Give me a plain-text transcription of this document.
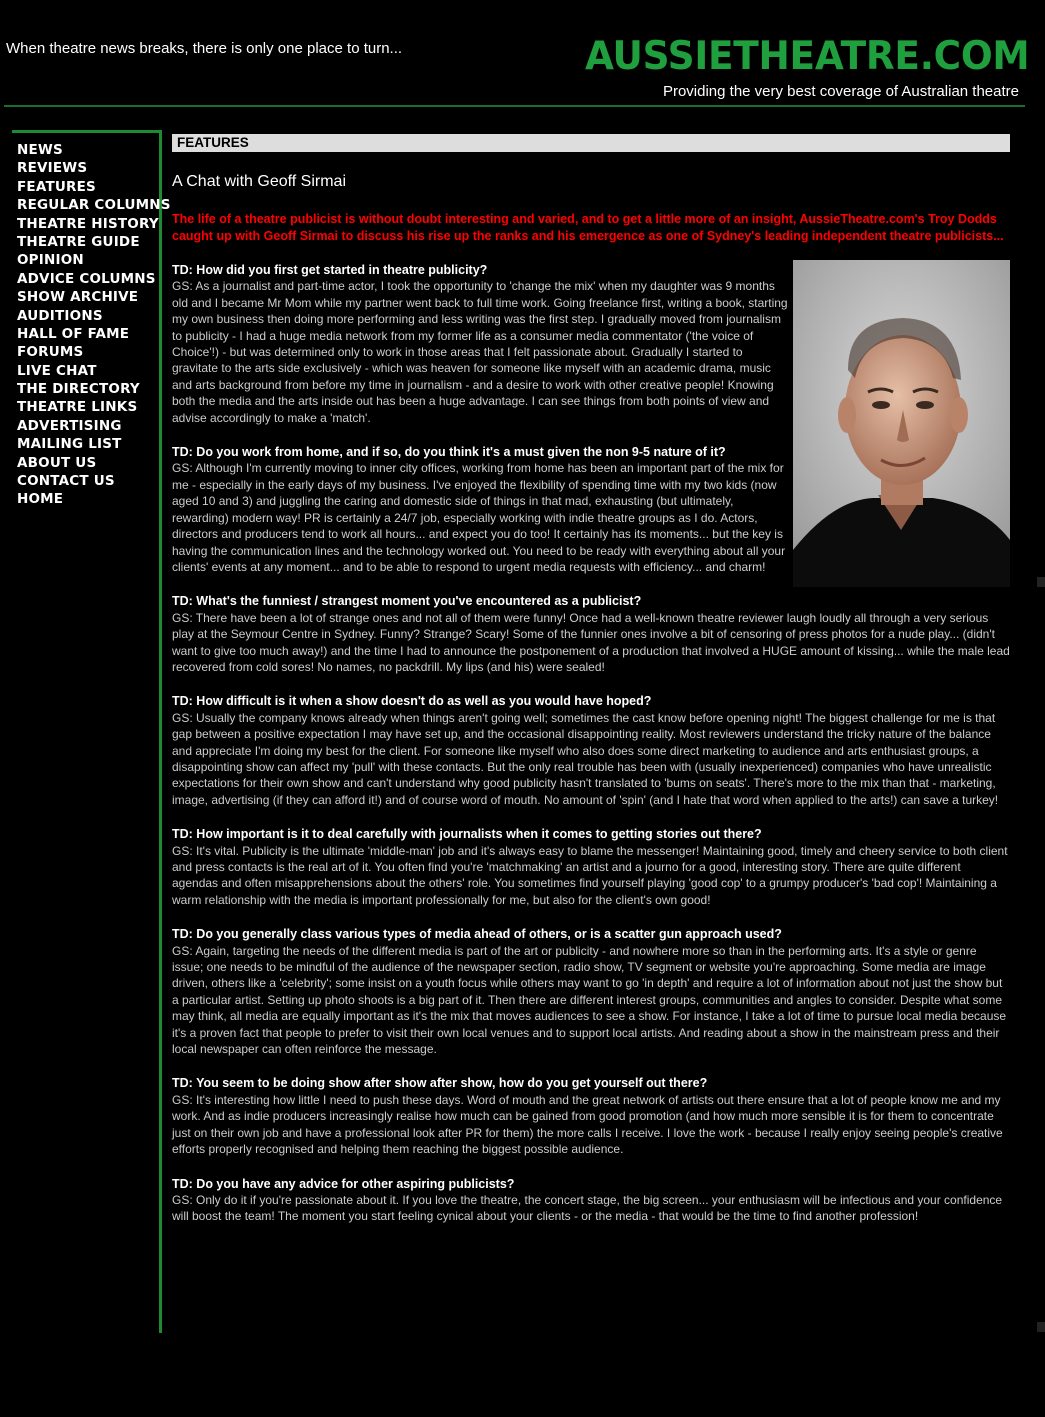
When theatre news breaks, there is only one place to turn...	AUSSIETHEATRE.COM
Providing the very best coverage of Australian theatre
NEWS
REVIEWS
FEATURES
REGULAR COLUMNS
THEATRE HISTORY
THEATRE GUIDE
OPINION
ADVICE COLUMNS
SHOW ARCHIVE
AUDITIONS
HALL OF FAME
FORUMS
LIVE CHAT
THE DIRECTORY
THEATRE LINKS
ADVERTISING
MAILING LIST
ABOUT US
CONTACT US
HOME
FEATURES
A Chat with Geoff Sirmai
The life of a theatre publicist is without doubt interesting and varied, and to get a little more of an insight, AussieTheatre.com's Troy Dodds caught up with Geoff Sirmai to discuss his rise up the ranks and his emergence as one of Sydney's leading independent theatre publicists...
TD: How did you first get started in theatre publicity?
GS: As a journalist and part-time actor, I took the opportunity to 'change the mix' when my daughter was 9 months old and I became Mr Mom while my partner went back to full time work. Going freelance first, writing a book, starting my own business then doing more performing and less writing was the first step. I gradually moved from journalism to publicity - I had a huge media network from my former life as a consumer media commentator ('the voice of Choice'!) - but was determined only to work in those areas that I felt passionate about. Gradually I started to gravitate to the arts side exclusively - which was heaven for someone like myself with an academic drama, music and arts background from before my time in journalism - and a desire to work with other creative people! Knowing both the media and the arts inside out has been a huge advantage. I can see things from both points of view and advise accordingly to make a 'match'.
TD: Do you work from home, and if so, do you think it's a must given the non 9-5 nature of it?
GS: Although I'm currently moving to inner city offices, working from home has been an important part of the mix for me - especially in the early days of my business. I've enjoyed the flexibility of spending time with my two kids (now aged 10 and 3) and juggling the caring and domestic side of things in that mad, exhausting (but ultimately, rewarding) modern way! PR is certainly a 24/7 job, especially working with indie theatre groups as I do. Actors, directors and producers tend to work all hours... and expect you do too! It certainly has its moments... but the key is having the communication lines and the technology worked out. You need to be ready with everything about all your clients' events at any moment... and to be able to respond to urgent media requests with efficiency... and charm!
TD: What's the funniest / strangest moment you've encountered as a publicist?
GS: There have been a lot of strange ones and not all of them were funny! Once had a well-known theatre reviewer laugh loudly all through a very serious play at the Seymour Centre in Sydney. Funny? Strange? Scary! Some of the funnier ones involve a bit of censoring of press photos for a nude play... (didn't want to give too much away!) and the time I had to announce the postponement of a production that involved a HUGE amount of kissing... while the male lead recovered from cold sores! No names, no packdrill. My lips (and his) were sealed!
TD: How difficult is it when a show doesn't do as well as you would have hoped?
GS: Usually the company knows already when things aren't going well; sometimes the cast know before opening night! The biggest challenge for me is that gap between a positive expectation I may have set up, and the occasional disappointing reality. Most reviewers understand the tricky nature of the balance and appreciate I'm doing my best for the client. For someone like myself who also does some direct marketing to audience and arts enthusiast groups, a disappointing show can affect my 'pull' with these contacts. But the only real trouble has been with (usually inexperienced) companies who have unrealistic expectations for their own show and can't understand why good publicity hasn't translated to 'bums on seats'. There's more to the mix than that - marketing, image, advertising (if they can afford it!) and of course word of mouth. No amount of 'spin' (and I hate that word when applied to the arts!) can save a turkey!
TD: How important is it to deal carefully with journalists when it comes to getting stories out there?
GS: It's vital. Publicity is the ultimate 'middle-man' job and it's always easy to blame the messenger! Maintaining good, timely and cheery service to both client and press contacts is the real art of it. You often find you're 'matchmaking' an artist and a journo for a good, interesting story. There are quite different agendas and often misapprehensions about the others' role. You sometimes find yourself playing 'good cop' to a grumpy producer's 'bad cop'! Maintaining a warm relationship with the media is important professionally for me, but also for the client's own good!
TD: Do you generally class various types of media ahead of others, or is a scatter gun approach used?
GS: Again, targeting the needs of the different media is part of the art or publicity - and nowhere more so than in the performing arts. It's a style or genre issue; one needs to be mindful of the audience of the newspaper section, radio show, TV segment or website you're approaching. Some media are image driven, others like a 'celebrity'; some insist on a youth focus while others may want to go 'in depth' and require a lot of information about not just the show but a particular artist. Setting up photo shoots is a big part of it. Then there are different interest groups, communities and angles to consider. Despite what some may think, all media are equally important as it's the mix that moves audiences to see a show. For instance, I take a lot of time to pursue local media because it's a proven fact that people to prefer to visit their own local venues and to support local artists. And reading about a show in the mainstream press and their local newspaper can often reinforce the message.
TD: You seem to be doing show after show after show, how do you get yourself out there?
GS: It's interesting how little I need to push these days. Word of mouth and the great network of artists out there ensure that a lot of people know me and my work. And as indie producers increasingly realise how much can be gained from good promotion (and how much more sensible it is for them to concentrate just on their own job and have a professional look after PR for them) the more calls I receive. I love the work - because I really enjoy seeing people's creative efforts properly recognised and helping them reaching the biggest possible audience.
TD: Do you have any advice for other aspiring publicists?
GS: Only do it if you're passionate about it. If you love the theatre, the concert stage, the big screen... your enthusiasm will be infectious and your confidence will boost the team! The moment you start feeling cynical about your clients - or the media - that would be the time to find another profession!
